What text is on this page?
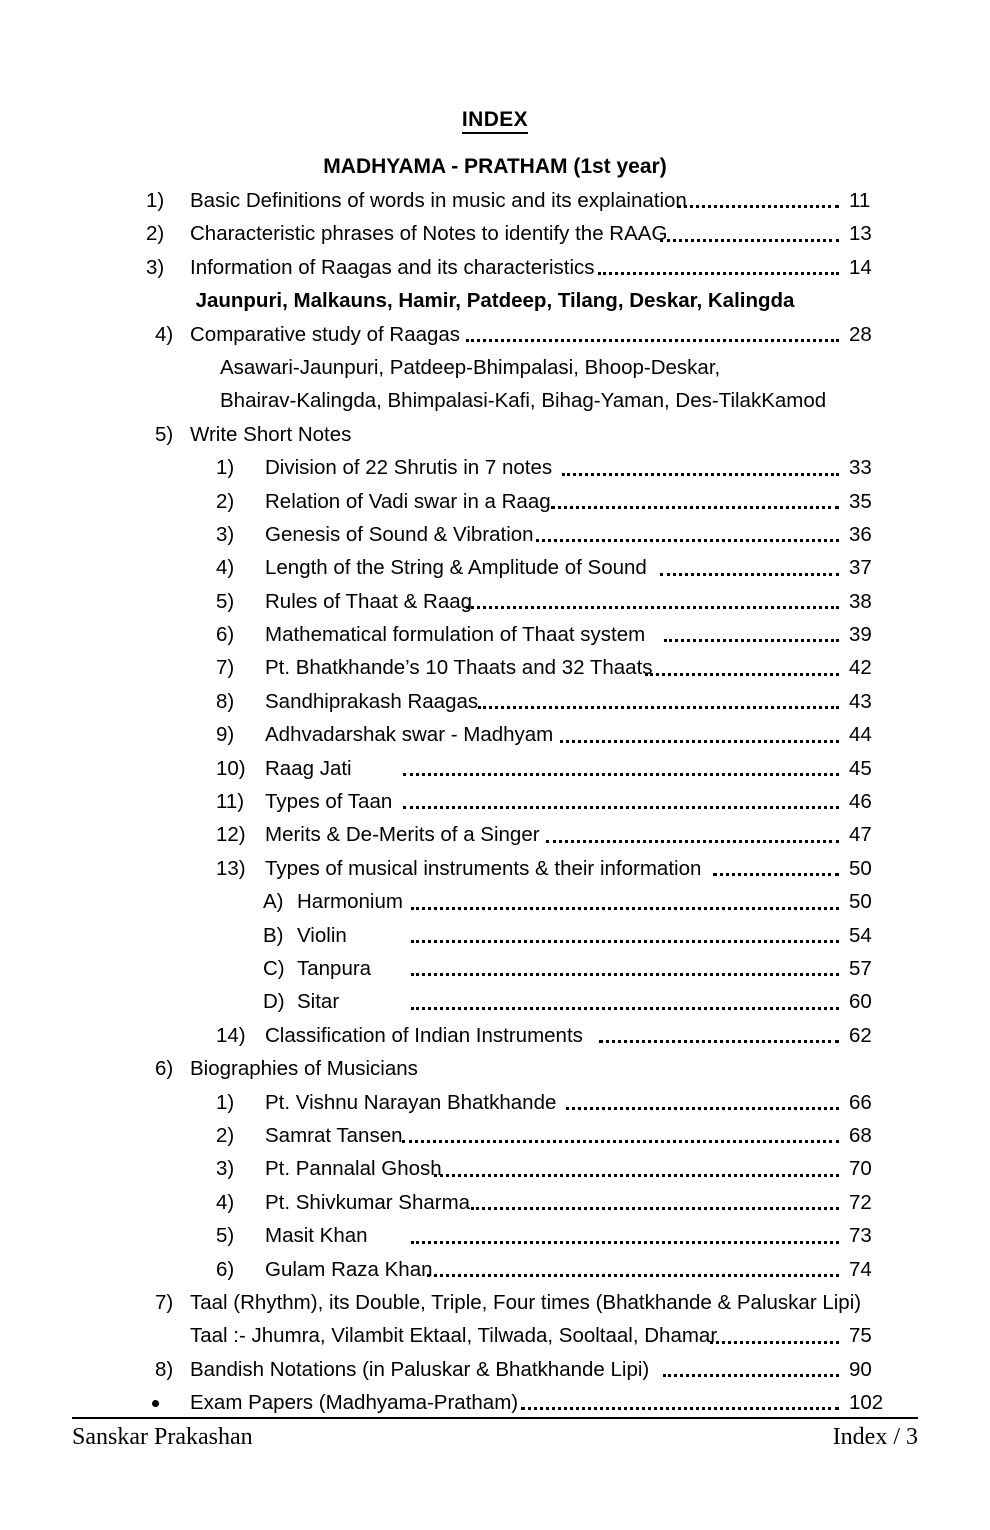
INDEX
MADHYAMA - PRATHAM (1st year)
1)	Basic Definitions of words in music and its explaination	11
2)	Characteristic phrases of Notes to identify the RAAG	13
3)	Information of Raagas and its characteristics	14
Jaunpuri, Malkauns, Hamir, Patdeep, Tilang, Deskar, Kalingda
4) Comparative study of Raagas	28
Asawari-Jaunpuri, Patdeep-Bhimpalasi, Bhoop-Deskar,
Bhairav-Kalingda, Bhimpalasi-Kafi, Bihag-Yaman, Des-TilakKamod
5) Write Short Notes
1)	Division of 22 Shrutis in 7 notes	33
2)	Relation of Vadi swar in a Raag	35
3)	Genesis of Sound & Vibration	36
4)	Length of the String & Amplitude of Sound	37
5)	Rules of Thaat & Raag	38
6)	Mathematical formulation of Thaat system	39
7)	Pt. Bhatkhande’s 10 Thaats and 32 Thaats	42
8)	Sandhiprakash Raagas	43
9)	Adhvadarshak swar - Madhyam	44
10) Raag Jati	45
11)	Types of Taan	46
12) Merits & De-Merits of a Singer	47
13) Types of musical instruments & their information	50
A) Harmonium	50
B) Violin	54
C) Tanpura	57
D) Sitar	60
14) Classification of Indian Instruments	62
6) Biographies of Musicians
1)	Pt. Vishnu Narayan Bhatkhande	66
2)	Samrat Tansen	68
3)	Pt. Pannalal Ghosh	70
4)	Pt. Shivkumar Sharma	72
5)	Masit Khan	73
6)	Gulam Raza Khan	74
7) Taal (Rhythm), its Double, Triple, Four times (Bhatkhande & Paluskar Lipi)
Taal :- Jhumra, Vilambit Ektaal, Tilwada, Sooltaal, Dhamar	75
8) Bandish Notations (in Paluskar & Bhatkhande Lipi)	90
Exam Papers (Madhyama-Pratham)	102
Sanskar Prakashan	Index / 3
